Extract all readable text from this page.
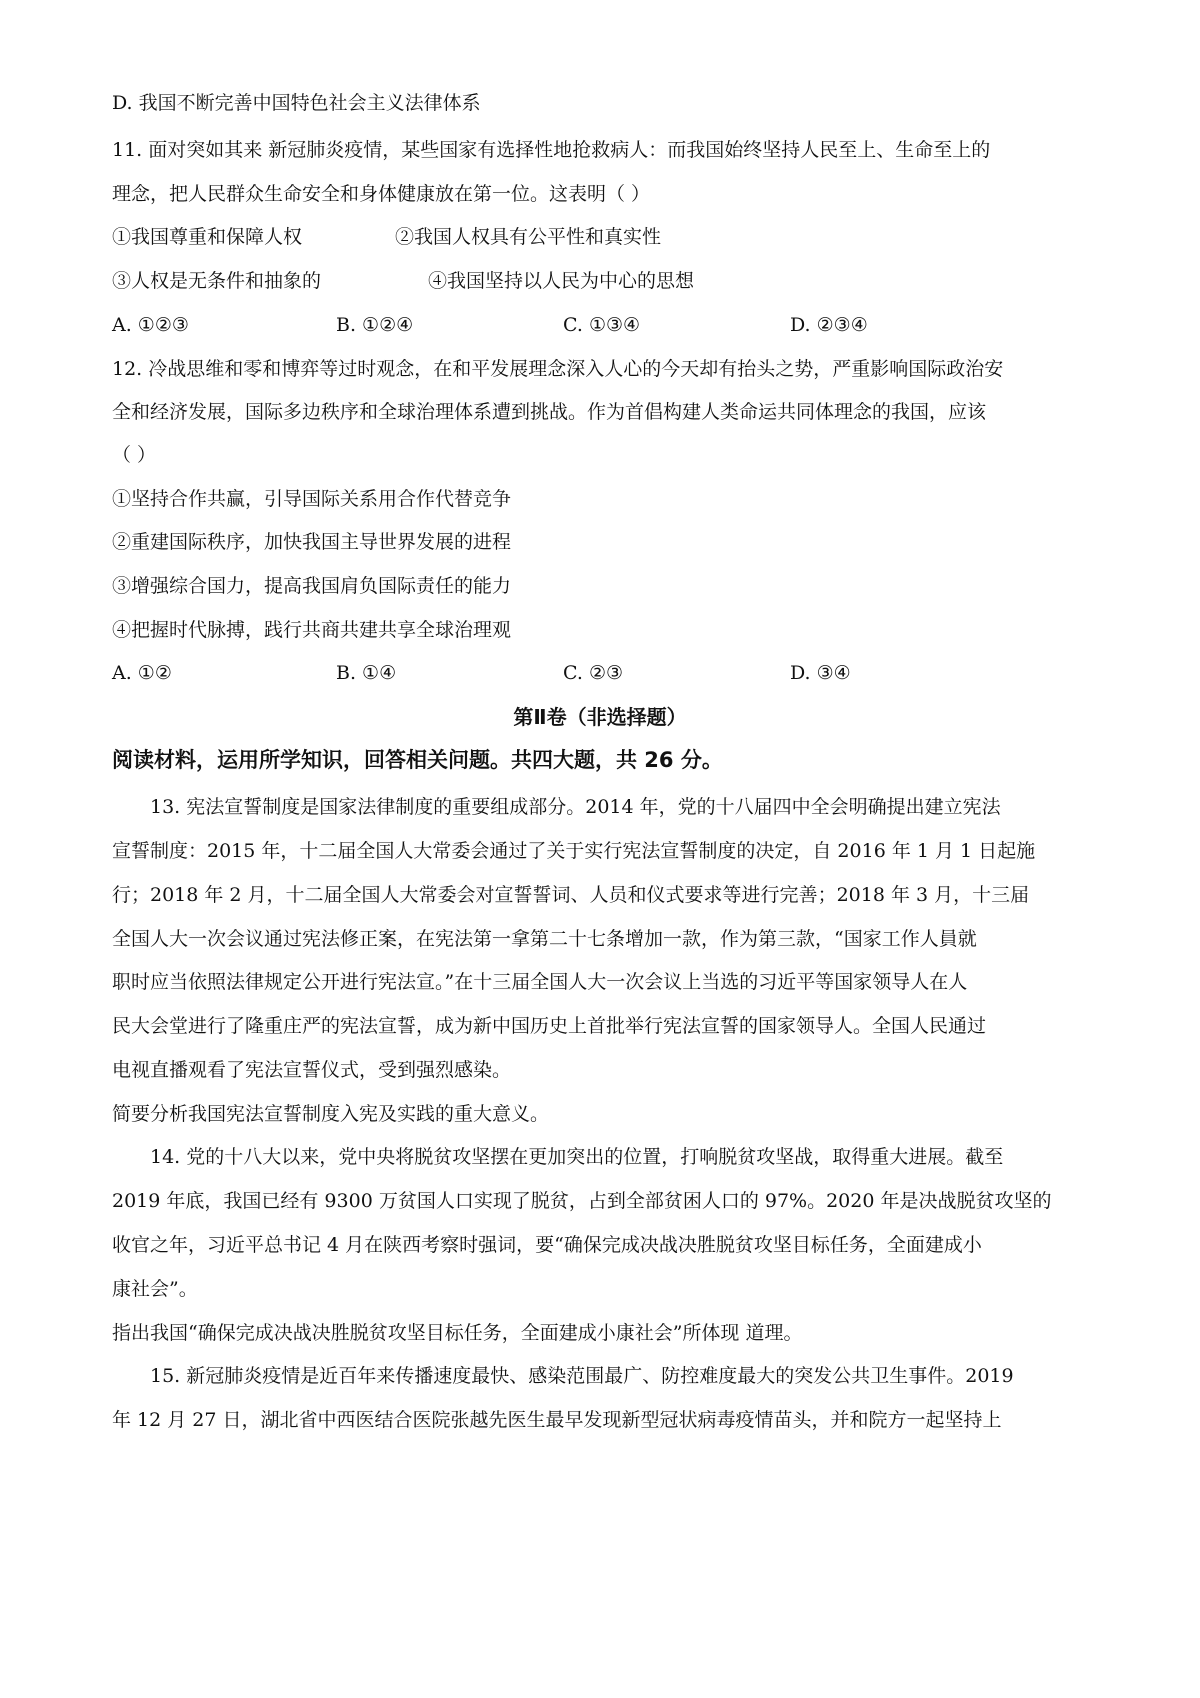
D. 我国不断完善中国特色社会主义法律体系
11. 面对突如其来 新冠肺炎疫情，某些国家有选择性地抢救病人：而我国始终坚持人民至上、生命至上的
理念，把人民群众生命安全和身体健康放在第一位。这表明（ ）
①我国尊重和保障人权	②我国人权具有公平性和真实性
③人权是无条件和抽象的	④我国坚持以人民为中心的思想
A. ①②③	B. ①②④	C. ①③④	D. ②③④
12. 冷战思维和零和博弈等过时观念，在和平发展理念深入人心的今天却有抬头之势，严重影响国际政治安
全和经济发展，国际多边秩序和全球治理体系遭到挑战。作为首倡构建人类命运共同体理念的我国，应该
（ ）
①坚持合作共赢，引导国际关系用合作代替竞争
②重建国际秩序，加快我国主导世界发展的进程
③增强综合国力，提高我国肩负国际责任的能力
④把握时代脉搏，践行共商共建共享全球治理观
A. ①②	B. ①④	C. ②③	D. ③④
第Ⅱ卷（非选择题）
阅读材料，运用所学知识，回答相关问题。共四大题，共 26 分。
13. 宪法宣誓制度是国家法律制度的重要组成部分。2014 年，党的十八届四中全会明确提出建立宪法
宣誓制度：2015 年，十二届全国人大常委会通过了关于实行宪法宣誓制度的决定，自 2016 年 1 月 1 日起施
行；2018 年 2 月，十二届全国人大常委会对宣誓誓词、人员和仪式要求等进行完善；2018 年 3 月，十三届
全国人大一次会议通过宪法修正案，在宪法第一拿第二十七条增加一款，作为第三款，“国家工作人員就
职时应当依照法律规定公开进行宪法宣。”在十三届全国人大一次会议上当选的习近平等国家领导人在人
民大会堂进行了隆重庄严的宪法宣誓，成为新中国历史上首批举行宪法宣誓的国家领导人。全国人民通过
电视直播观看了宪法宣誓仪式，受到强烈感染。
简要分析我国宪法宣誓制度入宪及实践的重大意义。
14. 党的十八大以来，党中央将脱贫攻坚摆在更加突出的位置，打响脱贫攻坚战，取得重大进展。截至
2019 年底，我国已经有 9300 万贫国人口实现了脱贫，占到全部贫困人口的 97%。2020 年是决战脱贫攻坚的
收官之年，习近平总书记 4 月在陕西考察时强词，要“确保完成决战决胜脱贫攻坚目标任务，全面建成小
康社会”。
指出我国“确保完成决战决胜脱贫攻坚目标任务，全面建成小康社会”所体现 道理。
15. 新冠肺炎疫情是近百年来传播速度最快、感染范围最广、防控难度最大的突发公共卫生事件。2019
年 12 月 27 日，湖北省中西医结合医院张越先医生最早发现新型冠状病毒疫情苗头，并和院方一起坚持上
